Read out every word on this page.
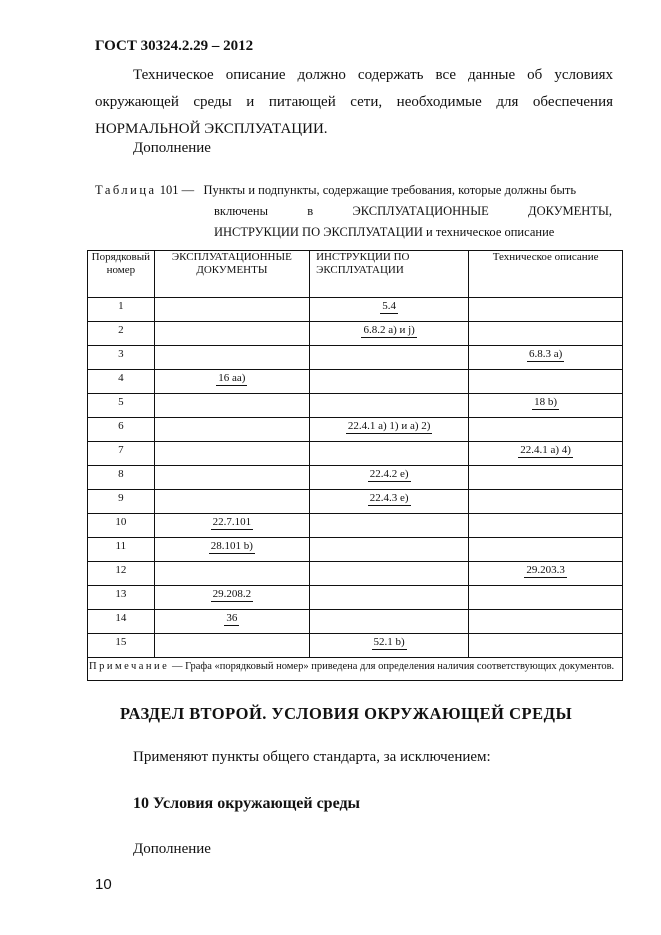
ГОСТ 30324.2.29 – 2012
Техническое описание должно содержать все данные об условиях
окружающей среды и питающей сети, необходимые для обеспечения
НОРМАЛЬНОЙ ЭКСПЛУАТАЦИИ.
Дополнение
Таблица 101 — Пункты и подпункты, содержащие требования, которые должны быть
включены в ЭКСПЛУАТАЦИОННЫЕ ДОКУМЕНТЫ,
ИНСТРУКЦИИ ПО ЭКСПЛУАТАЦИИ и техническое описание
Порядковый номер	ЭКСПЛУАТАЦИОННЫЕ ДОКУМЕНТЫ	ИНСТРУКЦИИ ПО ЭКСПЛУАТАЦИИ	Техническое описание
1		5.4	
2		6.8.2 a) и j)	
3			6.8.3 a)
4	16 aa)		
5			18 b)
6		22.4.1 a) 1) и a) 2)	
7			22.4.1 a) 4)
8		22.4.2 e)	
9		22.4.3 e)	
10	22.7.101		
11	28.101 b)		
12			29.203.3
13	29.208.2		
14	36		
15		52.1 b)	
Примечание — Графа «порядковый номер» приведена для определения наличия соответствующих документов.			
РАЗДЕЛ ВТОРОЙ. УСЛОВИЯ ОКРУЖАЮЩЕЙ СРЕДЫ
Применяют пункты общего стандарта, за исключением:
10 Условия окружающей среды
Дополнение
10
